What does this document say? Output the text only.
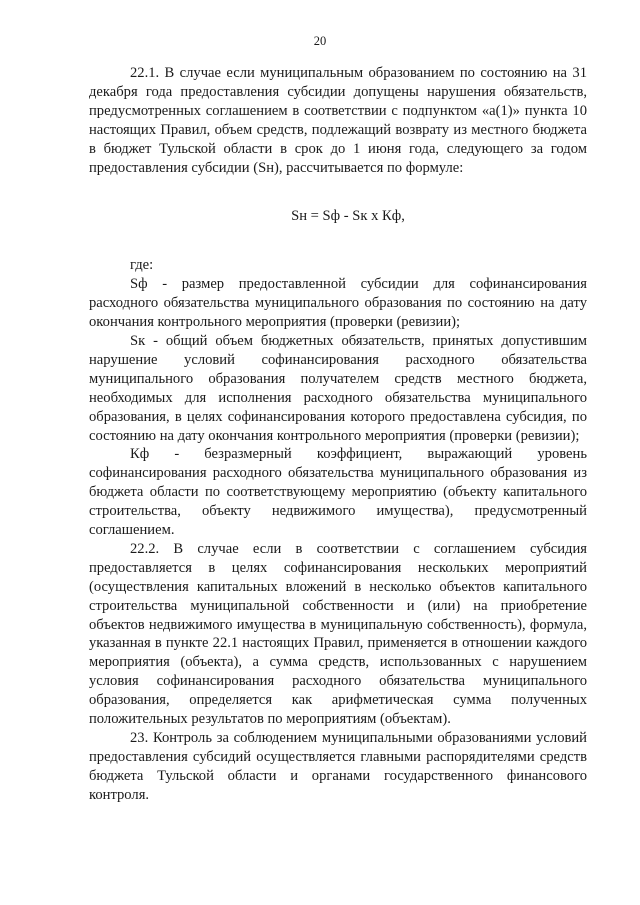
20

22.1. В случае если муниципальным образованием по состоянию на 31 декабря года предоставления субсидии допущены нарушения обязательств, предусмотренных соглашением в соответствии с подпунктом «а(1)» пункта 10 настоящих Правил, объем средств, подлежащий возврату из местного бюджета в бюджет Тульской области в срок до 1 июня года, следующего за годом предоставления субсидии (Sн), рассчитывается по формуле:

Sн = Sф - Sк x Кф,

где:

Sф - размер предоставленной субсидии для софинансирования расходного обязательства муниципального образования по состоянию на дату окончания контрольного мероприятия (проверки (ревизии);

Sк - общий объем бюджетных обязательств, принятых допустившим нарушение условий софинансирования расходного обязательства муниципального образования получателем средств местного бюджета, необходимых для исполнения расходного обязательства муниципального образования, в целях софинансирования которого предоставлена субсидия, по состоянию на дату окончания контрольного мероприятия (проверки (ревизии);

Кф - безразмерный коэффициент, выражающий уровень софинансирования расходного обязательства муниципального образования из бюджета области по соответствующему мероприятию (объекту капитального строительства, объекту недвижимого имущества), предусмотренный соглашением.

22.2. В случае если в соответствии с соглашением субсидия предоставляется в целях софинансирования нескольких мероприятий (осуществления капитальных вложений в несколько объектов капитального строительства муниципальной собственности и (или) на приобретение объектов недвижимого имущества в муниципальную собственность), формула, указанная в пункте 22.1 настоящих Правил, применяется в отношении каждого мероприятия (объекта), а сумма средств, использованных с нарушением условия софинансирования расходного обязательства муниципального образования, определяется как арифметическая сумма полученных положительных результатов по мероприятиям (объектам).

23. Контроль за соблюдением муниципальными образованиями условий предоставления субсидий осуществляется главными распорядителями средств бюджета Тульской области и органами государственного финансового контроля.
